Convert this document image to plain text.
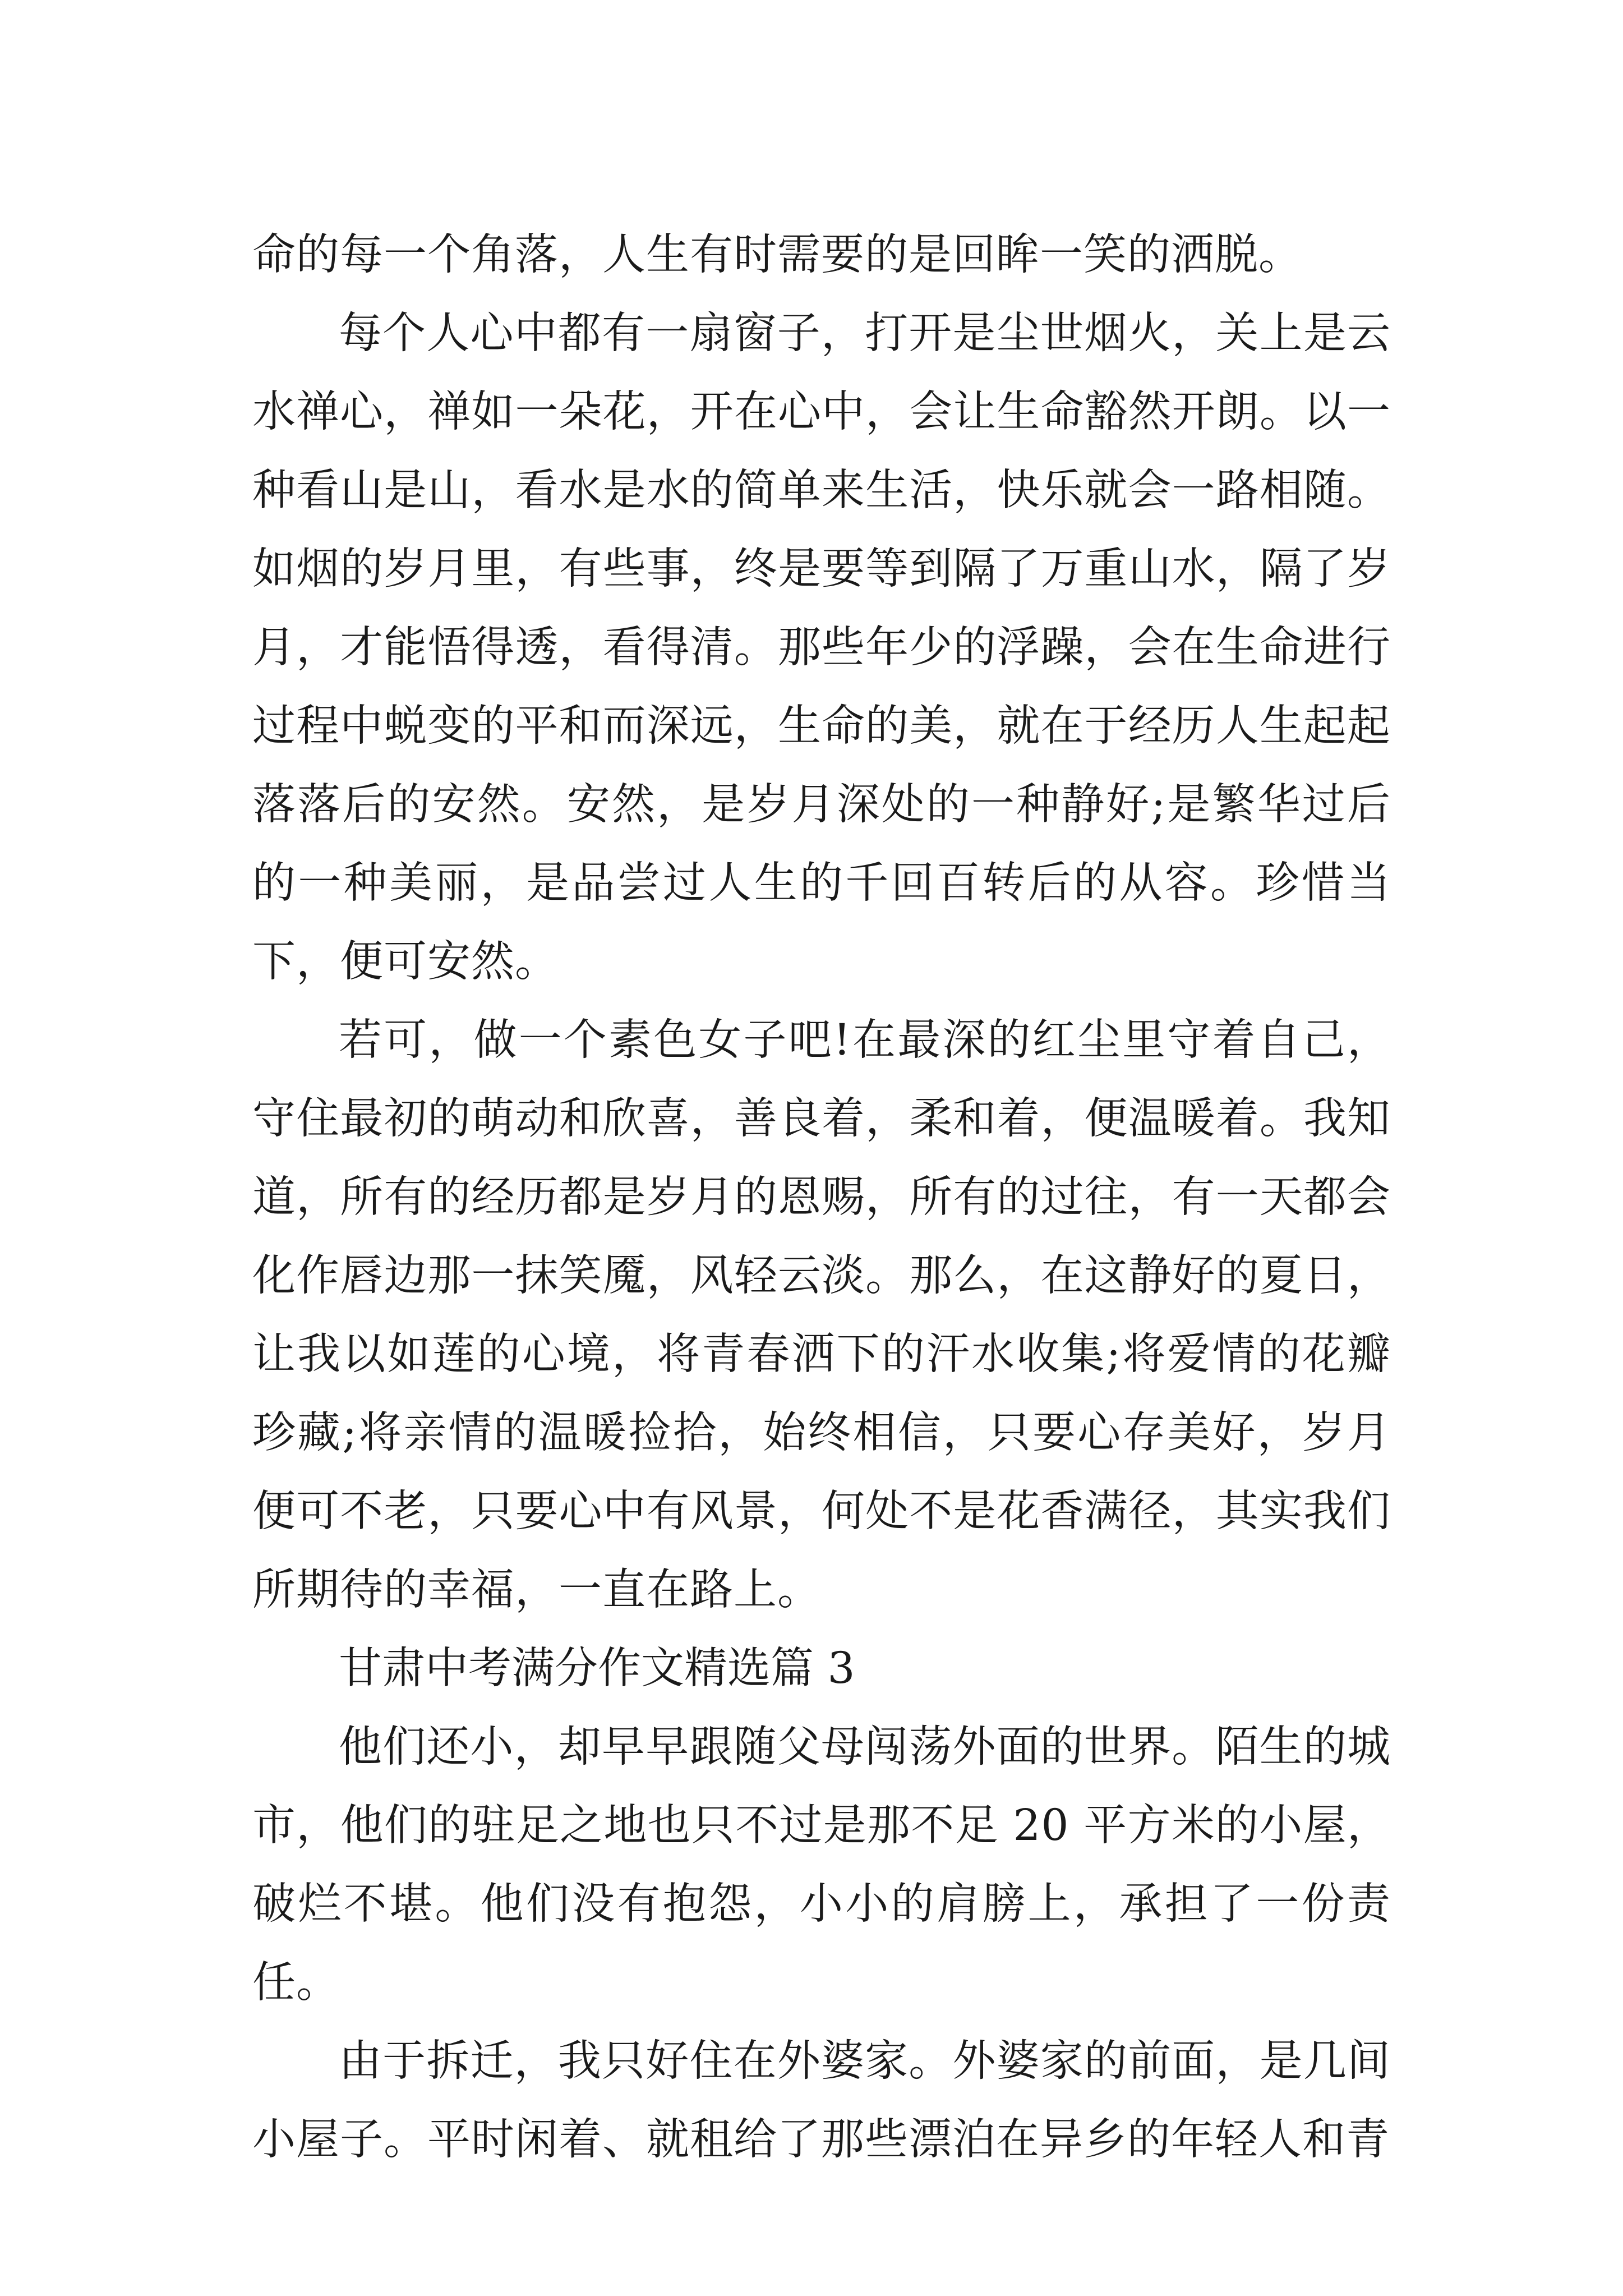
命的每一个角落，人生有时需要的是回眸一笑的洒脱。

每个人心中都有一扇窗子，打开是尘世烟火，关上是云水禅心，禅如一朵花，开在心中，会让生命豁然开朗。以一种看山是山，看水是水的简单来生活，快乐就会一路相随。如烟的岁月里，有些事，终是要等到隔了万重山水，隔了岁月，才能悟得透，看得清。那些年少的浮躁，会在生命进行过程中蜕变的平和而深远，生命的美，就在于经历人生起起落落后的安然。安然，是岁月深处的一种静好;是繁华过后的一种美丽，是品尝过人生的千回百转后的从容。珍惜当下，便可安然。

若可，做一个素色女子吧!在最深的红尘里守着自己，守住最初的萌动和欣喜，善良着，柔和着，便温暖着。我知道，所有的经历都是岁月的恩赐，所有的过往，有一天都会化作唇边那一抹笑魇，风轻云淡。那么，在这静好的夏日，让我以如莲的心境，将青春洒下的汗水收集;将爱情的花瓣珍藏;将亲情的温暖捡拾，始终相信，只要心存美好，岁月便可不老，只要心中有风景，何处不是花香满径，其实我们所期待的幸福，一直在路上。

甘肃中考满分作文精选篇 3

他们还小，却早早跟随父母闯荡外面的世界。陌生的城市，他们的驻足之地也只不过是那不足 20 平方米的小屋，破烂不堪。他们没有抱怨，小小的肩膀上，承担了一份责任。

由于拆迁，我只好住在外婆家。外婆家的前面，是几间小屋子。平时闲着、就租给了那些漂泊在异乡的年轻人和青
